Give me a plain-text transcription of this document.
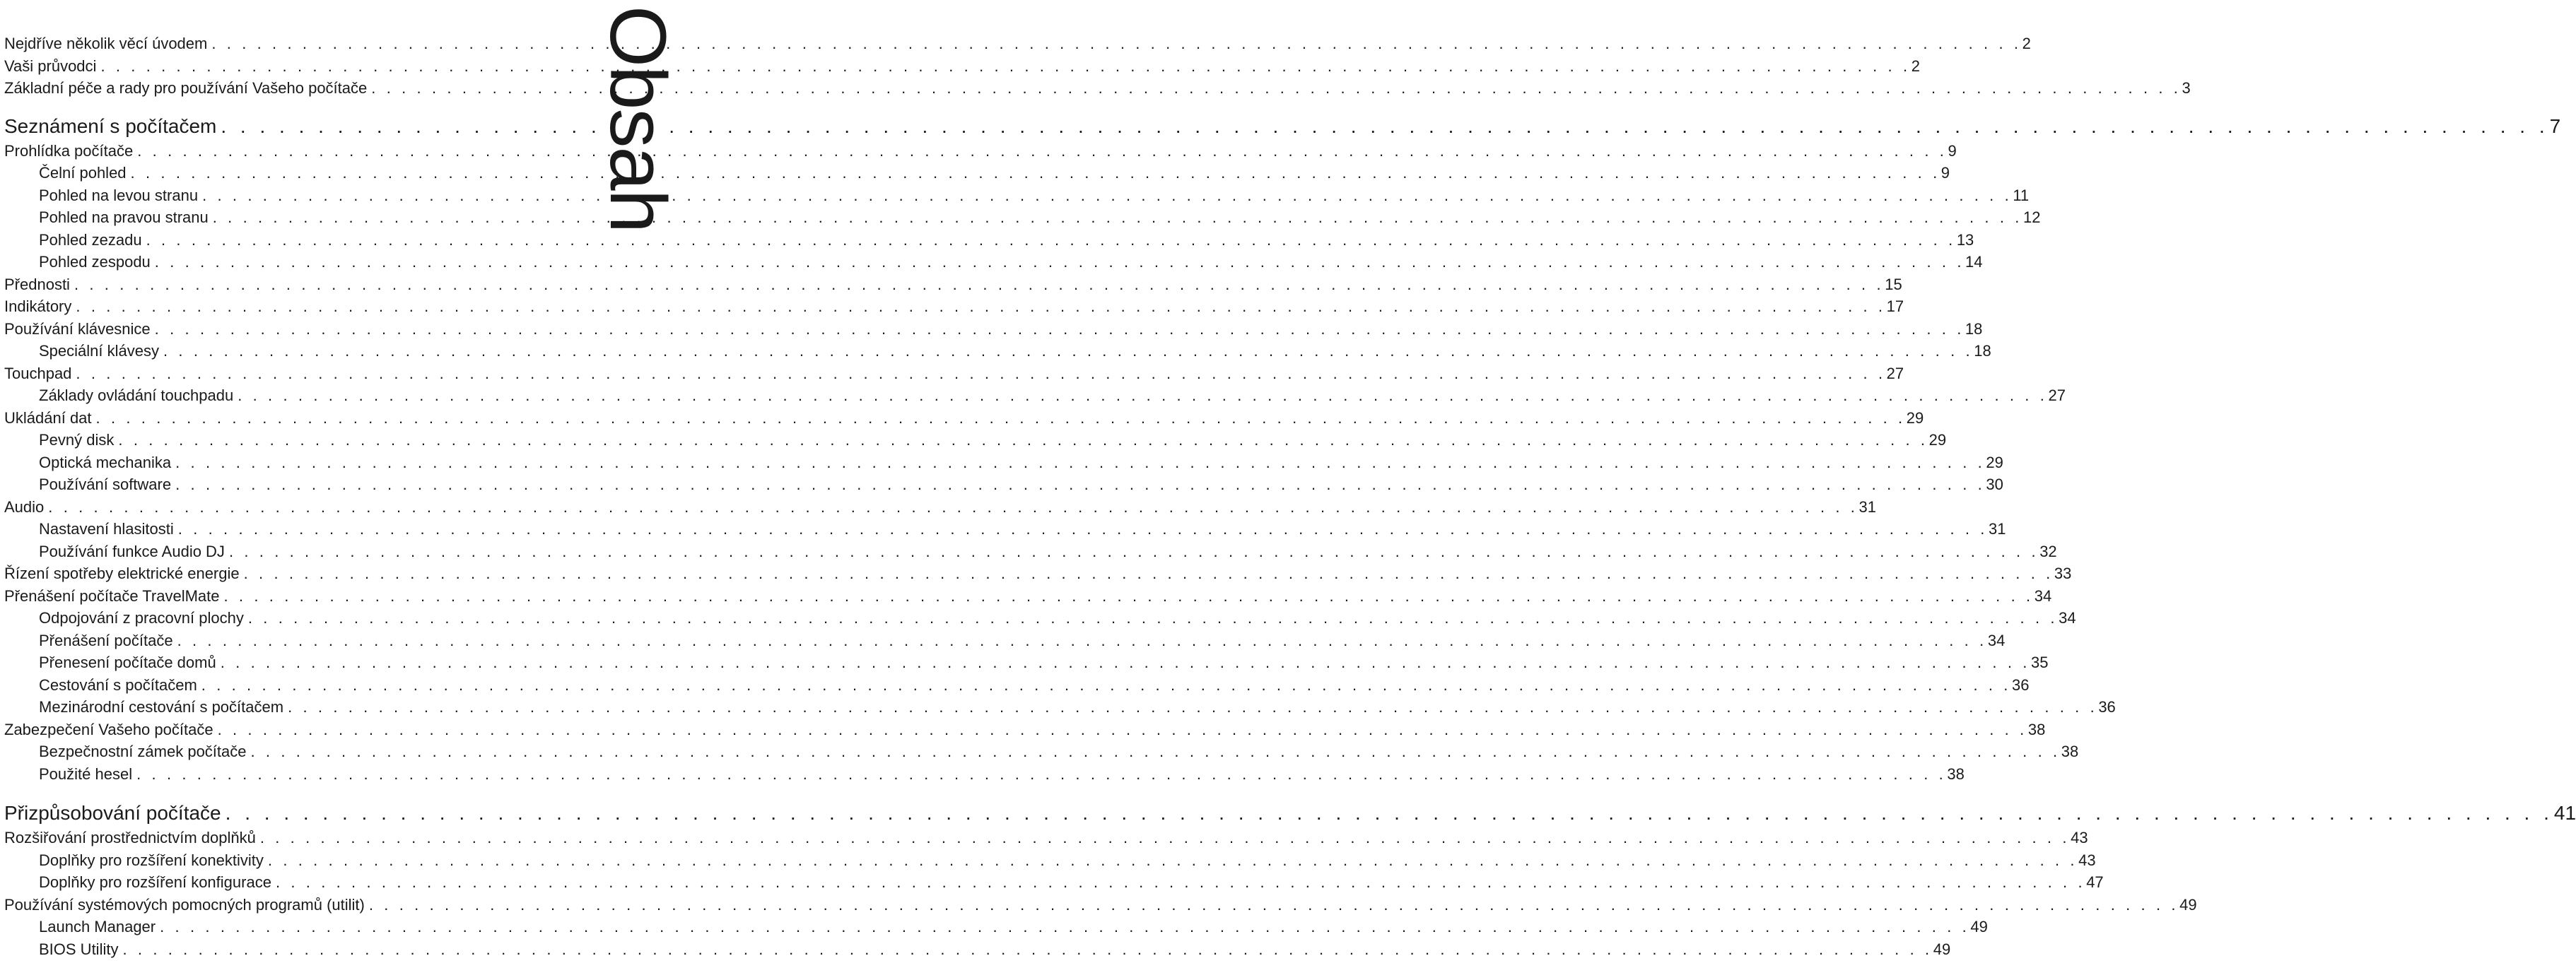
Nejdříve několik věcí úvodem . . . . . . . . . . . . . . . . . . . . . . . . . . . . . . . . . . . . . . . . . . . . . . . . . . . . . . . . . . . . . . . . . . . . . . . . . . . . . . . . . . . . . . . . . . . . . . . . . . . . . . . . . . . . . . . . . . . . . . . . 2
Vaši průvodci . . . . . . . . . . . . . . . . . . . . . . . . . . . . . . . . . . . . . . . . . . . . . . . . . . . . . . . . . . . . . . . . . . . . . . . . . . . . . . . . . . . . . . . . . . . . . . . . . . . . . . . . . . . . . . . . . . . . . . . . 2
Základní péče a rady pro používání Vašeho počítače . . . . . . . . . . . . . . . . . . . . . . . . . . . . . . . . . . . . . . . . . . . . . . . . . . . . . . . . . . . . . . . . . . . . . . . . . . . . . . . . . . . . . . . . . . . . . . . . . . . . . . . . . . . . . . . . . . . . . . . . 3
Seznámení s počítačem . . . . . . . . . . . . . . . . . . . . . . . . . . . . . . . . . . . . . . . . . . . . . . . . . . . . . . . . . . . . . . . . . . . . . . . . . . . . . . . . . . . . . . . . . . . . . . . . . . . . . . . . . . . . . . . . . . . . . . . . 7
Prohlídka počítače . . . . . . . . . . . . . . . . . . . . . . . . . . . . . . . . . . . . . . . . . . . . . . . . . . . . . . . . . . . . . . . . . . . . . . . . . . . . . . . . . . . . . . . . . . . . . . . . . . . . . . . . . . . . . . . . . . . . . . . . 9
Čelní pohled . . . . . . . . . . . . . . . . . . . . . . . . . . . . . . . . . . . . . . . . . . . . . . . . . . . . . . . . . . . . . . . . . . . . . . . . . . . . . . . . . . . . . . . . . . . . . . . . . . . . . . . . . . . . . . . . . . . . . . . . 9
Pohled na levou stranu . . . . . . . . . . . . . . . . . . . . . . . . . . . . . . . . . . . . . . . . . . . . . . . . . . . . . . . . . . . . . . . . . . . . . . . . . . . . . . . . . . . . . . . . . . . . . . . . . . . . . . . . . . . . . . . . . . . . . . . . 11
Pohled na pravou stranu . . . . . . . . . . . . . . . . . . . . . . . . . . . . . . . . . . . . . . . . . . . . . . . . . . . . . . . . . . . . . . . . . . . . . . . . . . . . . . . . . . . . . . . . . . . . . . . . . . . . . . . . . . . . . . . . . . . . . . . . 12
Pohled zezadu . . . . . . . . . . . . . . . . . . . . . . . . . . . . . . . . . . . . . . . . . . . . . . . . . . . . . . . . . . . . . . . . . . . . . . . . . . . . . . . . . . . . . . . . . . . . . . . . . . . . . . . . . . . . . . . . . . . . . . . . 13
Pohled zespodu . . . . . . . . . . . . . . . . . . . . . . . . . . . . . . . . . . . . . . . . . . . . . . . . . . . . . . . . . . . . . . . . . . . . . . . . . . . . . . . . . . . . . . . . . . . . . . . . . . . . . . . . . . . . . . . . . . . . . . . . 14
Přednosti . . . . . . . . . . . . . . . . . . . . . . . . . . . . . . . . . . . . . . . . . . . . . . . . . . . . . . . . . . . . . . . . . . . . . . . . . . . . . . . . . . . . . . . . . . . . . . . . . . . . . . . . . . . . . . . . . . . . . . . . 15
Indikátory . . . . . . . . . . . . . . . . . . . . . . . . . . . . . . . . . . . . . . . . . . . . . . . . . . . . . . . . . . . . . . . . . . . . . . . . . . . . . . . . . . . . . . . . . . . . . . . . . . . . . . . . . . . . . . . . . . . . . . . . 17
Používání klávesnice . . . . . . . . . . . . . . . . . . . . . . . . . . . . . . . . . . . . . . . . . . . . . . . . . . . . . . . . . . . . . . . . . . . . . . . . . . . . . . . . . . . . . . . . . . . . . . . . . . . . . . . . . . . . . . . . . . . . . . . . 18
Speciální klávesy . . . . . . . . . . . . . . . . . . . . . . . . . . . . . . . . . . . . . . . . . . . . . . . . . . . . . . . . . . . . . . . . . . . . . . . . . . . . . . . . . . . . . . . . . . . . . . . . . . . . . . . . . . . . . . . . . . . . . . . . 18
Touchpad . . . . . . . . . . . . . . . . . . . . . . . . . . . . . . . . . . . . . . . . . . . . . . . . . . . . . . . . . . . . . . . . . . . . . . . . . . . . . . . . . . . . . . . . . . . . . . . . . . . . . . . . . . . . . . . . . . . . . . . . 27
Základy ovládání touchpadu . . . . . . . . . . . . . . . . . . . . . . . . . . . . . . . . . . . . . . . . . . . . . . . . . . . . . . . . . . . . . . . . . . . . . . . . . . . . . . . . . . . . . . . . . . . . . . . . . . . . . . . . . . . . . . . . . . . . . . . . 27
Ukládání dat . . . . . . . . . . . . . . . . . . . . . . . . . . . . . . . . . . . . . . . . . . . . . . . . . . . . . . . . . . . . . . . . . . . . . . . . . . . . . . . . . . . . . . . . . . . . . . . . . . . . . . . . . . . . . . . . . . . . . . . . 29
Pevný disk . . . . . . . . . . . . . . . . . . . . . . . . . . . . . . . . . . . . . . . . . . . . . . . . . . . . . . . . . . . . . . . . . . . . . . . . . . . . . . . . . . . . . . . . . . . . . . . . . . . . . . . . . . . . . . . . . . . . . . . . 29
Optická mechanika . . . . . . . . . . . . . . . . . . . . . . . . . . . . . . . . . . . . . . . . . . . . . . . . . . . . . . . . . . . . . . . . . . . . . . . . . . . . . . . . . . . . . . . . . . . . . . . . . . . . . . . . . . . . . . . . . . . . . . . . 29
Používání software . . . . . . . . . . . . . . . . . . . . . . . . . . . . . . . . . . . . . . . . . . . . . . . . . . . . . . . . . . . . . . . . . . . . . . . . . . . . . . . . . . . . . . . . . . . . . . . . . . . . . . . . . . . . . . . . . . . . . . . . 30
Audio . . . . . . . . . . . . . . . . . . . . . . . . . . . . . . . . . . . . . . . . . . . . . . . . . . . . . . . . . . . . . . . . . . . . . . . . . . . . . . . . . . . . . . . . . . . . . . . . . . . . . . . . . . . . . . . . . . . . . . . . 31
Nastavení hlasitosti . . . . . . . . . . . . . . . . . . . . . . . . . . . . . . . . . . . . . . . . . . . . . . . . . . . . . . . . . . . . . . . . . . . . . . . . . . . . . . . . . . . . . . . . . . . . . . . . . . . . . . . . . . . . . . . . . . . . . . . . 31
Používání funkce Audio DJ . . . . . . . . . . . . . . . . . . . . . . . . . . . . . . . . . . . . . . . . . . . . . . . . . . . . . . . . . . . . . . . . . . . . . . . . . . . . . . . . . . . . . . . . . . . . . . . . . . . . . . . . . . . . . . . . . . . . . . . . 32
Řízení spotřeby elektrické energie . . . . . . . . . . . . . . . . . . . . . . . . . . . . . . . . . . . . . . . . . . . . . . . . . . . . . . . . . . . . . . . . . . . . . . . . . . . . . . . . . . . . . . . . . . . . . . . . . . . . . . . . . . . . . . . . . . . . . . . . 33
Přenášení počítače TravelMate . . . . . . . . . . . . . . . . . . . . . . . . . . . . . . . . . . . . . . . . . . . . . . . . . . . . . . . . . . . . . . . . . . . . . . . . . . . . . . . . . . . . . . . . . . . . . . . . . . . . . . . . . . . . . . . . . . . . . . . . 34
Odpojování z pracovní plochy . . . . . . . . . . . . . . . . . . . . . . . . . . . . . . . . . . . . . . . . . . . . . . . . . . . . . . . . . . . . . . . . . . . . . . . . . . . . . . . . . . . . . . . . . . . . . . . . . . . . . . . . . . . . . . . . . . . . . . . . 34
Přenášení počítače . . . . . . . . . . . . . . . . . . . . . . . . . . . . . . . . . . . . . . . . . . . . . . . . . . . . . . . . . . . . . . . . . . . . . . . . . . . . . . . . . . . . . . . . . . . . . . . . . . . . . . . . . . . . . . . . . . . . . . . . 34
Přenesení počítače domů . . . . . . . . . . . . . . . . . . . . . . . . . . . . . . . . . . . . . . . . . . . . . . . . . . . . . . . . . . . . . . . . . . . . . . . . . . . . . . . . . . . . . . . . . . . . . . . . . . . . . . . . . . . . . . . . . . . . . . . . 35
Cestování s počítačem . . . . . . . . . . . . . . . . . . . . . . . . . . . . . . . . . . . . . . . . . . . . . . . . . . . . . . . . . . . . . . . . . . . . . . . . . . . . . . . . . . . . . . . . . . . . . . . . . . . . . . . . . . . . . . . . . . . . . . . . 36
Mezinárodní cestování s počítačem . . . . . . . . . . . . . . . . . . . . . . . . . . . . . . . . . . . . . . . . . . . . . . . . . . . . . . . . . . . . . . . . . . . . . . . . . . . . . . . . . . . . . . . . . . . . . . . . . . . . . . . . . . . . . . . . . . . . . . . . 36
Zabezpečení Vašeho počítače . . . . . . . . . . . . . . . . . . . . . . . . . . . . . . . . . . . . . . . . . . . . . . . . . . . . . . . . . . . . . . . . . . . . . . . . . . . . . . . . . . . . . . . . . . . . . . . . . . . . . . . . . . . . . . . . . . . . . . . . 38
Bezpečnostní zámek počítače . . . . . . . . . . . . . . . . . . . . . . . . . . . . . . . . . . . . . . . . . . . . . . . . . . . . . . . . . . . . . . . . . . . . . . . . . . . . . . . . . . . . . . . . . . . . . . . . . . . . . . . . . . . . . . . . . . . . . . . . 38
Použité hesel . . . . . . . . . . . . . . . . . . . . . . . . . . . . . . . . . . . . . . . . . . . . . . . . . . . . . . . . . . . . . . . . . . . . . . . . . . . . . . . . . . . . . . . . . . . . . . . . . . . . . . . . . . . . . . . . . . . . . . . . 38
Přizpůsobování počítače . . . . . . . . . . . . . . . . . . . . . . . . . . . . . . . . . . . . . . . . . . . . . . . . . . . . . . . . . . . . . . . . . . . . . . . . . . . . . . . . . . . . . . . . . . . . . . . . . . . . . . . . . . . . . . . . . . . . . . . . 41
Rozšiřování prostřednictvím doplňků . . . . . . . . . . . . . . . . . . . . . . . . . . . . . . . . . . . . . . . . . . . . . . . . . . . . . . . . . . . . . . . . . . . . . . . . . . . . . . . . . . . . . . . . . . . . . . . . . . . . . . . . . . . . . . . . . . . . . . . . 43
Doplňky pro rozšíření konektivity . . . . . . . . . . . . . . . . . . . . . . . . . . . . . . . . . . . . . . . . . . . . . . . . . . . . . . . . . . . . . . . . . . . . . . . . . . . . . . . . . . . . . . . . . . . . . . . . . . . . . . . . . . . . . . . . . . . . . . . . 43
Doplňky pro rozšíření konfigurace . . . . . . . . . . . . . . . . . . . . . . . . . . . . . . . . . . . . . . . . . . . . . . . . . . . . . . . . . . . . . . . . . . . . . . . . . . . . . . . . . . . . . . . . . . . . . . . . . . . . . . . . . . . . . . . . . . . . . . . . 47
Používání systémových pomocných programů (utilit) . . . . . . . . . . . . . . . . . . . . . . . . . . . . . . . . . . . . . . . . . . . . . . . . . . . . . . . . . . . . . . . . . . . . . . . . . . . . . . . . . . . . . . . . . . . . . . . . . . . . . . . . . . . . . . . . . . . . . . . . 49
Launch Manager . . . . . . . . . . . . . . . . . . . . . . . . . . . . . . . . . . . . . . . . . . . . . . . . . . . . . . . . . . . . . . . . . . . . . . . . . . . . . . . . . . . . . . . . . . . . . . . . . . . . . . . . . . . . . . . . . . . . . . . . 49
BIOS Utility . . . . . . . . . . . . . . . . . . . . . . . . . . . . . . . . . . . . . . . . . . . . . . . . . . . . . . . . . . . . . . . . . . . . . . . . . . . . . . . . . . . . . . . . . . . . . . . . . . . . . . . . . . . . . . . . . . . . . . . . 49
Obsah
